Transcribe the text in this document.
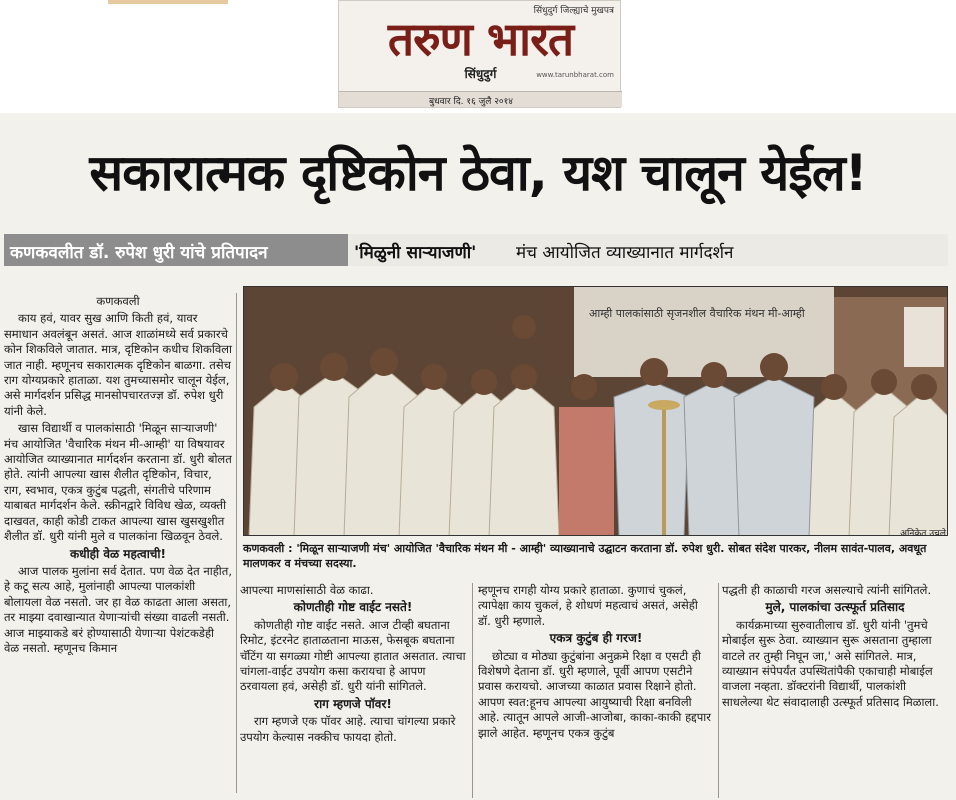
सिंधुदुर्ग जिल्ह्याचे मुखपत्र
तरुण भारत
सिंधुदुर्ग	www.tarunbharat.com
बुधवार दि. १६ जुलै २०१४
सकारात्मक दृष्टिकोन ठेवा, यश चालून येईल!
कणकवलीत डॉ. रुपेश धुरी यांचे प्रतिपादन	'मिळुनी साऱ्याजणी' मंच आयोजित व्याख्यानात मार्गदर्शन
कणकवली

काय हवं, यावर सुख आणि किती हवं, यावर समाधान अवलंबून असतं. आज शाळांमध्ये सर्व प्रकारचे कोन शिकविले जातात. मात्र, दृष्टिकोन कधीच शिकविला जात नाही. म्हणूनच सकारात्मक दृष्टिकोन बाळगा. तसेच राग योग्यप्रकारे हाताळा. यश तुमच्यासमोर चालून येईल, असे मार्गदर्शन प्रसिद्ध मानसोपचारतज्ज्ञ डॉ. रुपेश धुरी यांनी केले.

खास विद्यार्थी व पालकांसाठी 'मिळून साऱ्याजणी' मंच आयोजित 'वैचारिक मंथन मी-आम्ही' या विषयावर आयोजित व्याख्यानात मार्गदर्शन करताना डॉ. धुरी बोलत होते. त्यांनी आपल्या खास शैलीत दृष्टिकोन, विचार, राग, स्वभाव, एकत्र कुटुंब पद्धती, संगतीचे परिणाम याबाबत मार्गदर्शन केले. स्क्रीनद्वारे विविध खेळ, व्यक्ती दाखवत, काही कोडी टाकत आपल्या खास खुसखुशीत शैलीत डॉ. धुरी यांनी मुले व पालकांना खिळवून ठेवले.

कधीही वेळ महत्वाची!

आज पालक मुलांना सर्व देतात. पण वेळ देत नाहीत, हे कटू सत्य आहे, मुलांनाही आपल्या पालकांशी बोलायला वेळ नसतो. जर हा वेळ काढता आला असता, तर माझ्या दवाखान्यात येणाऱ्यांची संख्या वाढली नसती. आज माझ्याकडे बरं होण्यासाठी येणाऱ्या पेशंटकडेही वेळ नसतो. म्हणूनच किमान

आम्ही पालकांसाठी सृजनशील वैचारिक मंथन मी-आम्ही
अनिकेत उचले
कणकवली : 'मिळून साऱ्याजणी मंच' आयोजित 'वैचारिक मंथन मी - आम्ही' व्याख्यानाचे उद्घाटन करताना डॉ. रुपेश धुरी. सोबत संदेश पारकर, नीलम सावंत-पालव, अवधूत मालणकर व मंचच्या सदस्या.

आपल्या माणसांसाठी वेळ काढा.

कोणतीही गोष्ट वाईट नसते!

कोणतीही गोष्ट वाईट नसते. आज टीव्ही बघताना रिमोट, इंटरनेट हाताळताना माऊस, फेसबूक बघताना चॅटिंग या सगळ्या गोष्टी आपल्या हातात असतात. त्याचा चांगला-वाईट उपयोग कसा करायचा हे आपण ठरवायला हवं, असेही डॉ. धुरी यांनी सांगितले.

राग म्हणजे पॉवर!

राग म्हणजे एक पॉवर आहे. त्याचा चांगल्या प्रकारे उपयोग केल्यास नक्कीच फायदा होतो.

म्हणूनच रागही योग्य प्रकारे हाताळा. कुणाचं चुकलं, त्यापेक्षा काय चुकलं, हे शोधणं महत्वाचं असतं, असेही डॉ. धुरी म्हणाले.

एकत्र कुटुंब ही गरज!

छोट्या व मोठ्या कुटुंबांना अनुक्रमे रिक्षा व एसटी ही विशेषणे देताना डॉ. धुरी म्हणाले, पूर्वी आपण एसटीने प्रवास करायचो. आजच्या काळात प्रवास रिक्षाने होतो. आपण स्वत:हूनच आपल्या आयुष्याची रिक्षा बनविली आहे. त्यातून आपले आजी-आजोबा, काका-काकी हद्दपार झाले आहेत. म्हणूनच एकत्र कुटुंब

पद्धती ही काळाची गरज असल्याचे त्यांनी सांगितले.

मुले, पालकांचा उत्स्फूर्त प्रतिसाद

कार्यक्रमाच्या सुरुवातीलाच डॉ. धुरी यांनी 'तुमचे मोबाईल सुरू ठेवा. व्याख्यान सुरू असताना तुम्हाला वाटले तर तुम्ही निघून जा,' असे सांगितले. मात्र, व्याख्यान संपेपर्यंत उपस्थितांपैकी एकाचाही मोबाईल वाजला नव्हता. डॉक्टरांनी विद्यार्थी, पालकांशी साधलेल्या थेट संवादालाही उत्स्फूर्त प्रतिसाद मिळाला.
